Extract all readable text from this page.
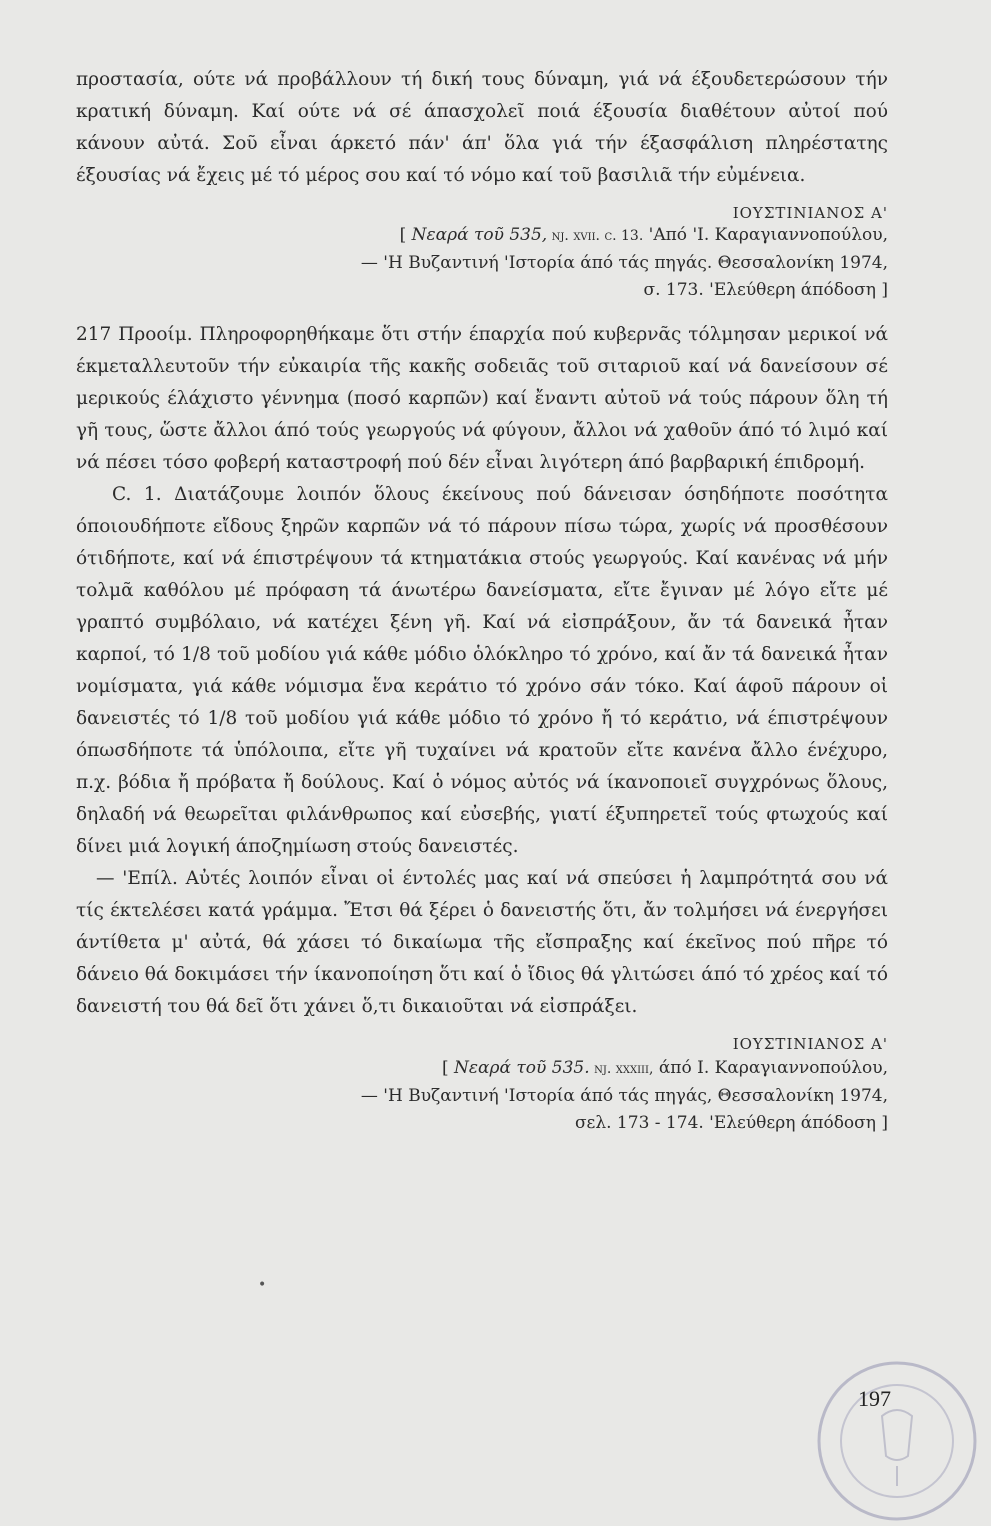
προστασία, ούτε νά προβάλλουν τή δική τους δύναμη, γιά νά έξουδετερώσουν τήν κρατική δύναμη. Καί ούτε νά σέ άπασχολεῖ ποιά έξουσία διαθέτουν αὐτοί πού κάνουν αὐτά. Σοῦ εἶναι άρκετό πάν' άπ' ὅλα γιά τήν έξασφάλιση πληρέστατης έξουσίας νά ἔχεις μέ τό μέρος σου καί τό νόμο καί τοῦ βασιλιᾶ τήν εὐμένεια.

ΙΟΥΣΤΙΝΙΑΝΟΣ Α'
[ Νεαρά τοῦ 535, νj. xvii. c. 13. 'Από 'Ι. Καραγιαννοπούλου,
— 'Η Βυζαντινή 'Ιστορία άπό τάς πηγάς. Θεσσαλονίκη 1974,
σ. 173. 'Ελεύθερη άπόδοση ]

217 Προοίμ. Πληροφορηθήκαμε ὅτι στήν έπαρχία πού κυβερνᾶς τόλμησαν μερικοί νά έκμεταλλευτοῦν τήν εὐκαιρία τῆς κακῆς σοδειᾶς τοῦ σιταριοῦ καί νά δανείσουν σέ μερικούς έλάχιστο γέννημα (ποσό καρπῶν) καί ἔναντι αὐτοῦ νά τούς πάρουν ὅλη τή γῆ τους, ὥστε ἄλλοι άπό τούς γεωργούς νά φύγουν, ἄλλοι νά χαθοῦν άπό τό λιμό καί νά πέσει τόσο φοβερή καταστροφή πού δέν εἶναι λιγότερη άπό βαρβαρική έπιδρομή.

C. 1. Διατάζουμε λοιπόν ὅλους έκείνους πού δάνεισαν όσηδήποτε ποσότητα όποιουδήποτε εἴδους ξηρῶν καρπῶν νά τό πάρουν πίσω τώρα, χωρίς νά προσθέσουν ότιδήποτε, καί νά έπιστρέψουν τά κτηματάκια στούς γεωργούς. Καί κανένας νά μήν τολμᾶ καθόλου μέ πρόφαση τά άνωτέρω δανείσματα, εἴτε ἔγιναν μέ λόγο εἴτε μέ γραπτό συμβόλαιο, νά κατέχει ξένη γῆ. Καί νά εἰσπράξουν, ἄν τά δανεικά ἦταν καρποί, τό 1/8 τοῦ μοδίου γιά κάθε μόδιο ὁλόκληρο τό χρόνο, καί ἄν τά δανεικά ἦταν νομίσματα, γιά κάθε νόμισμα ἕνα κεράτιο τό χρόνο σάν τόκο. Καί άφοῦ πάρουν οἱ δανειστές τό 1/8 τοῦ μοδίου γιά κάθε μόδιο τό χρόνο ἤ τό κεράτιο, νά έπιστρέψουν όπωσδήποτε τά ὑπόλοιπα, εἴτε γῆ τυχαίνει νά κρατοῦν εἴτε κανένα ἄλλο ένέχυρο, π.χ. βόδια ἤ πρόβατα ἤ δούλους. Καί ὁ νόμος αὐτός νά ίκανοποιεῖ συγχρόνως ὅλους, δηλαδή νά θεωρεῖται φιλάνθρωπος καί εὐσεβής, γιατί έξυπηρετεῖ τούς φτωχούς καί δίνει μιά λογική άποζημίωση στούς δανειστές.

— 'Επίλ. Αὐτές λοιπόν εἶναι οἱ έντολές μας καί νά σπεύσει ἡ λαμπρότητά σου νά τίς έκτελέσει κατά γράμμα. Ἔτσι θά ξέρει ὁ δανειστής ὅτι, ἄν τολμήσει νά ένεργήσει άντίθετα μ' αὐτά, θά χάσει τό δικαίωμα τῆς εἴσπραξης καί έκεῖνος πού πῆρε τό δάνειο θά δοκιμάσει τήν ίκανοποίηση ὅτι καί ὁ ἴδιος θά γλιτώσει άπό τό χρέος καί τό δανειστή του θά δεῖ ὅτι χάνει ὅ,τι δικαιοῦται νά εἰσπράξει.

ΙΟΥΣΤΙΝΙΑΝΟΣ Α'
[ Νεαρά τοῦ 535. νj. xxxiii, άπό Ι. Καραγιαννοπούλου,
— 'Η Βυζαντινή 'Ιστορία άπό τάς πηγάς, Θεσσαλονίκη 1974,
σελ. 173 - 174. 'Ελεύθερη άπόδοση ]
•
197
